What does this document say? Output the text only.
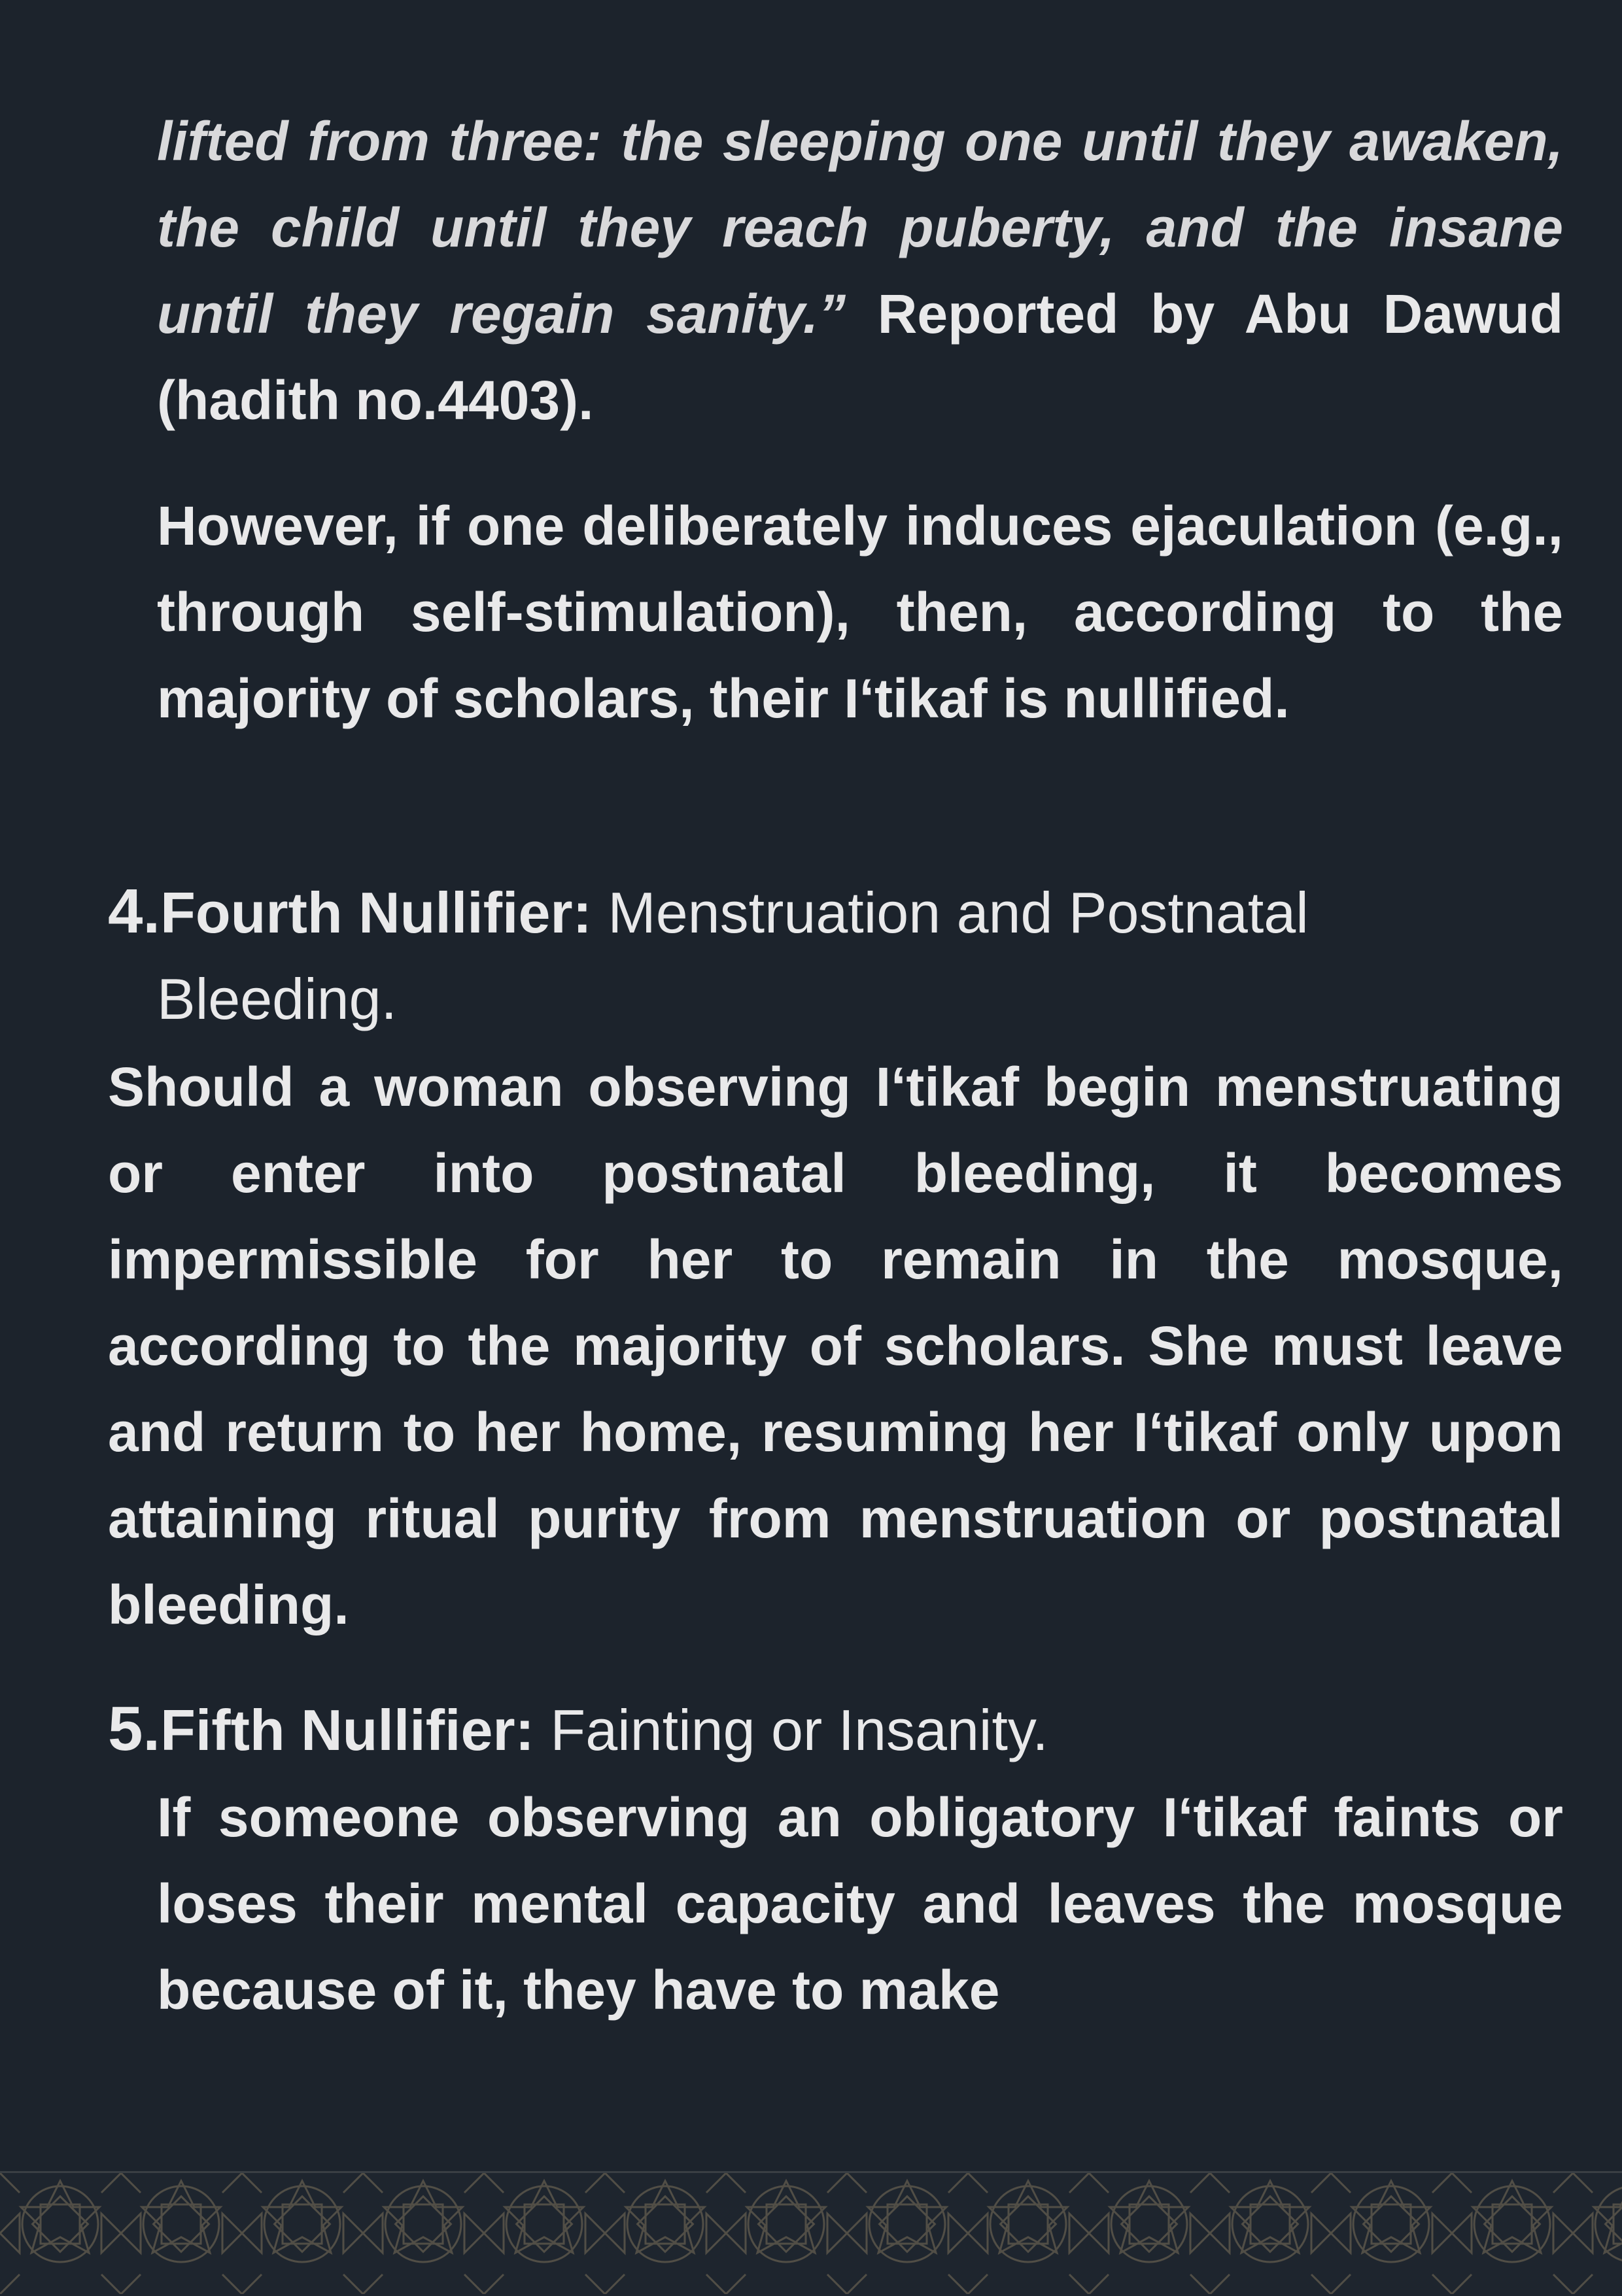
lifted from three: the sleeping one until they awaken, the child until they reach puberty, and the insane until they regain sanity.” Reported by Abu Dawud (hadith no.4403).

However, if one deliberately induces ejaculation (e.g., through self-stimulation), then, according to the majority of scholars, their I‘tikaf is nullified.

4.Fourth Nullifier: Menstruation and Postnatal
Bleeding.

Should a woman observing I‘tikaf begin menstruating or enter into postnatal bleeding, it becomes impermissible for her to remain in the mosque, according to the majority of scholars. She must leave and return to her home, resuming her I‘tikaf only upon attaining ritual purity from menstruation or postnatal bleeding.

5.Fifth Nullifier: Fainting or Insanity.

If someone observing an obligatory I‘tikaf faints or loses their mental capacity and leaves the mosque because of it, they have to make
